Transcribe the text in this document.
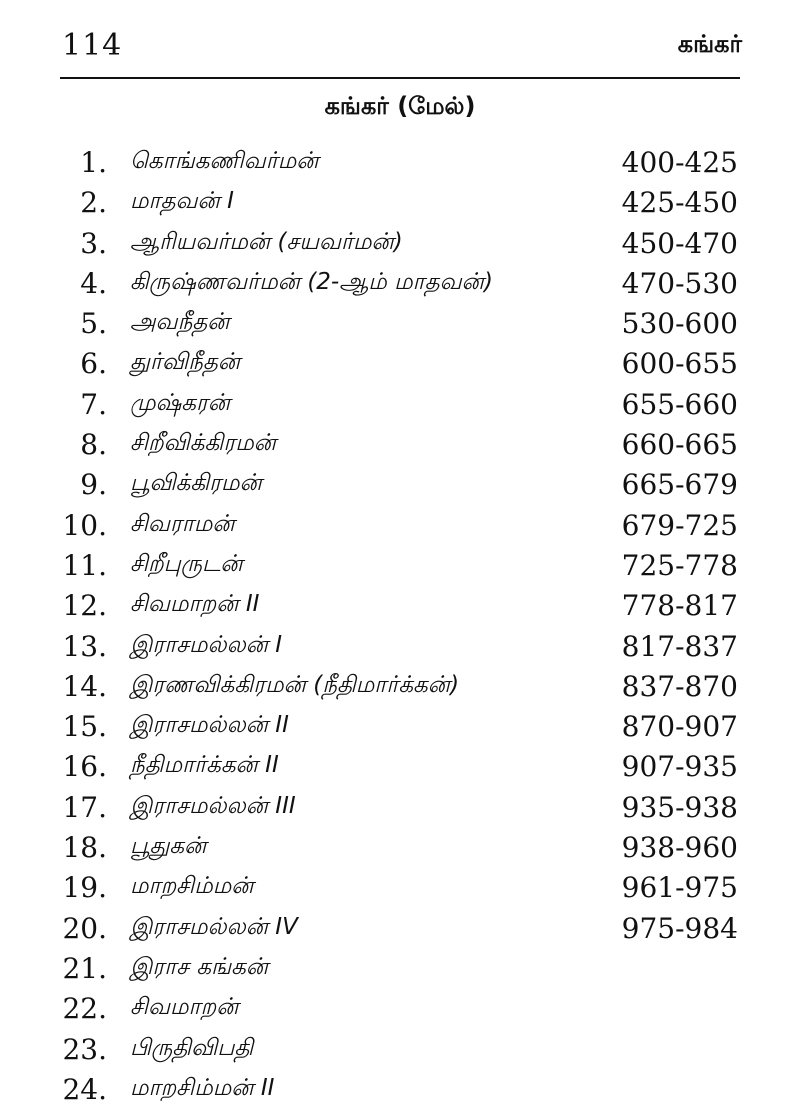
114	கங்கர்
கங்கர் (மேல்)
1. கொங்கணிவர்மன்	400-425
2. மாதவன் I	425-450
3. ஆரியவர்மன் (சயவர்மன்)	450-470
4. கிருஷ்ணவர்மன் (2-ஆம் மாதவன்)	470-530
5. அவநீதன்	530-600
6. துர்விநீதன்	600-655
7. முஷ்கரன்	655-660
8. சிறீவிக்கிரமன்	660-665
9. பூவிக்கிரமன்	665-679
10. சிவராமன்	679-725
11. சிறீபுருடன்	725-778
12. சிவமாறன் II	778-817
13. இராசமல்லன் I	817-837
14. இரணவிக்கிரமன் (நீதிமார்க்கன்)	837-870
15. இராசமல்லன் II	870-907
16. நீதிமார்க்கன் II	907-935
17. இராசமல்லன் III	935-938
18. பூதுகன்	938-960
19. மாறசிம்மன்	961-975
20. இராசமல்லன் IV	975-984
21. இராச கங்கன்
22. சிவமாறன்
23. பிருதிவிபதி
24. மாறசிம்மன் II
